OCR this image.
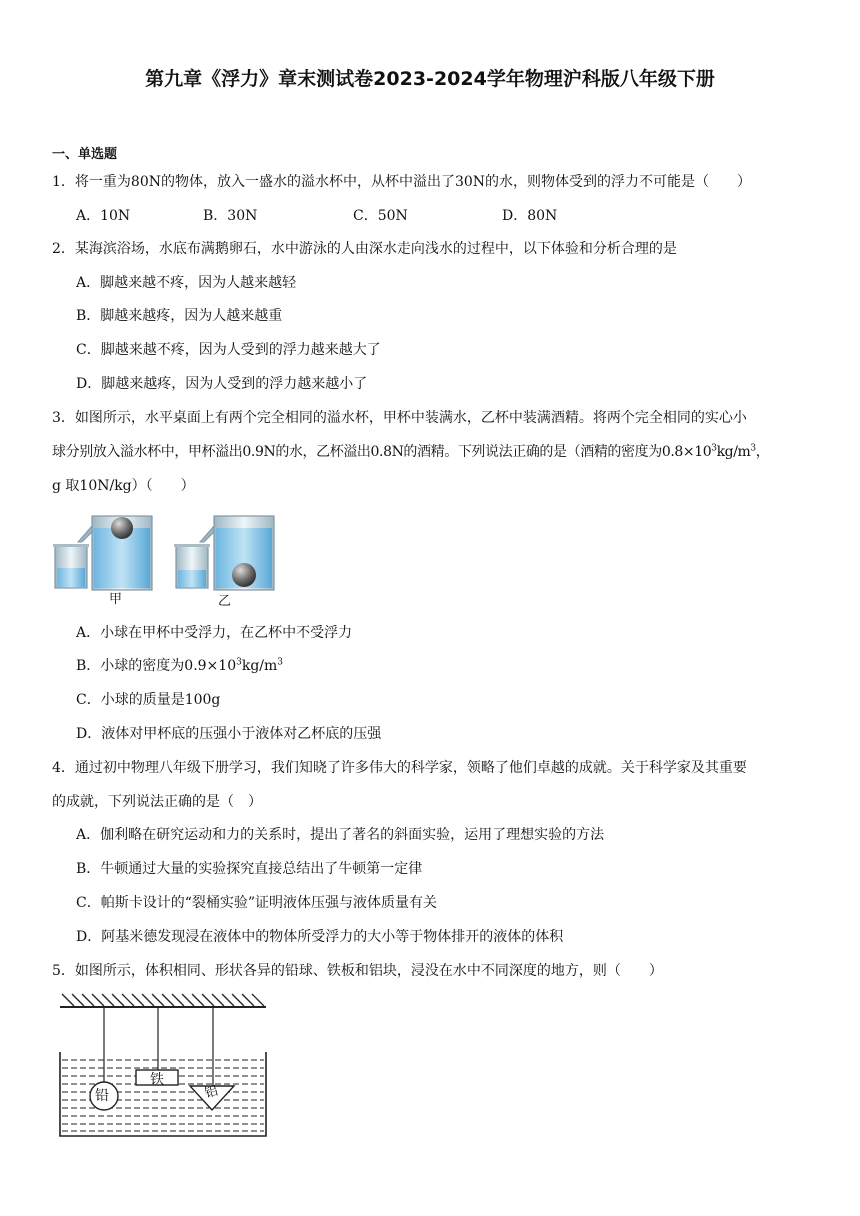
第九章《浮力》章末测试卷2023-2024学年物理沪科版八年级下册
一、单选题
1．将一重为80N的物体，放入一盛水的溢水杯中，从杯中溢出了30N的水，则物体受到的浮力不可能是（　　）
A．10N	B．30N	C．50N	D．80N
2．某海滨浴场，水底布满鹅卵石，水中游泳的人由深水走向浅水的过程中，以下体验和分析合理的是
A．脚越来越不疼，因为人越来越轻
B．脚越来越疼，因为人越来越重
C．脚越来越不疼，因为人受到的浮力越来越大了
D．脚越来越疼，因为人受到的浮力越来越小了
3．如图所示，水平桌面上有两个完全相同的溢水杯，甲杯中装满水，乙杯中装满酒精。将两个完全相同的实心小
球分别放入溢水杯中，甲杯溢出0.9N的水，乙杯溢出0.8N的酒精。下列说法正确的是（酒精的密度为$0.8\times 10^3kg/m^3$，
g 取10N/kg）（　　）
甲	乙
A．小球在甲杯中受浮力，在乙杯中不受浮力
B．小球的密度为$0.9\times 10^3kg/m^3$
C．小球的质量是100g
D．液体对甲杯底的压强小于液体对乙杯底的压强
4．通过初中物理八年级下册学习，我们知晓了许多伟大的科学家，领略了他们卓越的成就。关于科学家及其重要
的成就，下列说法正确的是（　）
A．伽利略在研究运动和力的关系时，提出了著名的斜面实验，运用了理想实验的方法
B．牛顿通过大量的实验探究直接总结出了牛顿第一定律
C．帕斯卡设计的“裂桶实验”证明液体压强与液体质量有关
D．阿基米德发现浸在液体中的物体所受浮力的大小等于物体排开的液体的体积
5．如图所示，体积相同、形状各异的铅球、铁板和铝块，浸没在水中不同深度的地方，则（　　）
铅
铁
铝
